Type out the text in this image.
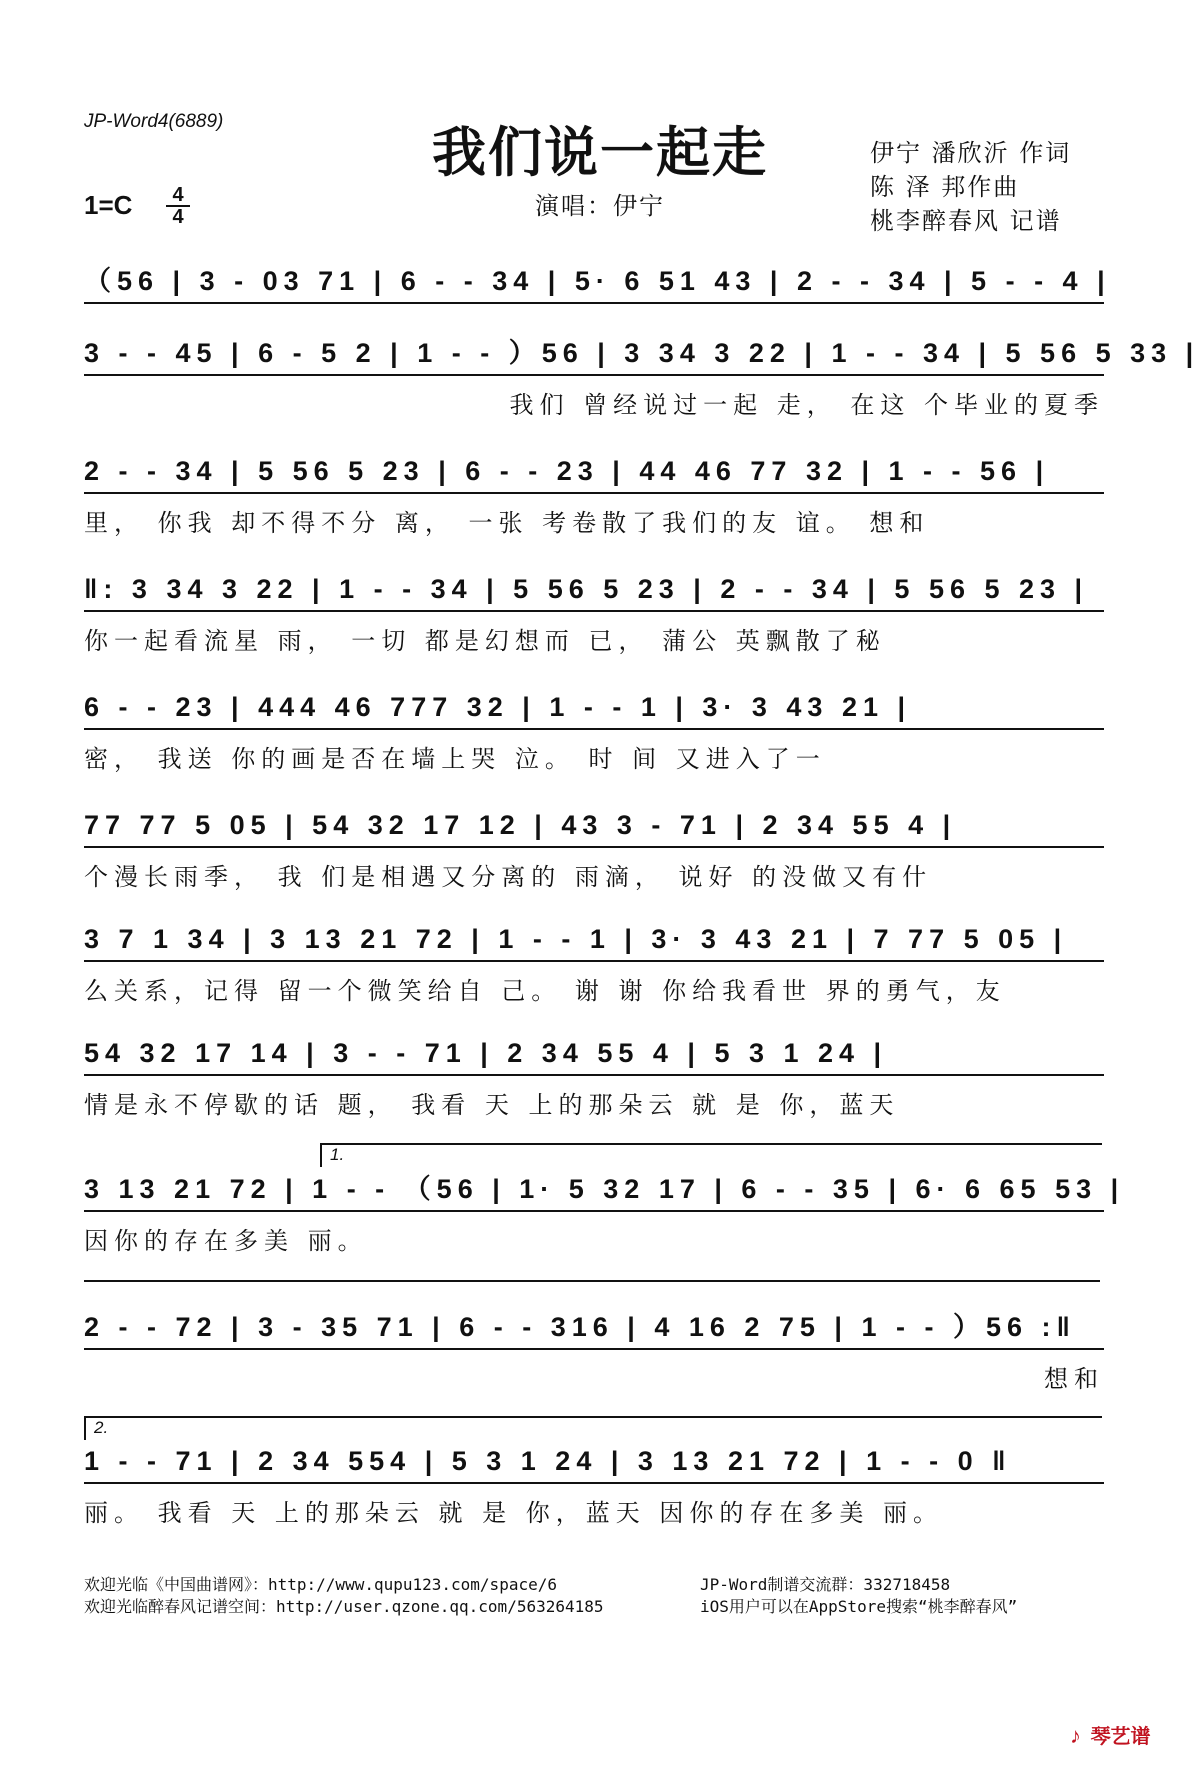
JP-Word4(6889)	我们说一起走
1=C	4
4	演唱：伊宁
伊宁 潘欣沂 作词
陈 泽 邦作曲
桃李醉春风 记谱
（56 | 3 - 03 71 | 6 - - 34 | 5· 6 51 43 | 2 - - 34 | 5 - - 4 |
3 - - 45 | 6 - 5 2 | 1 - - ）56 | 3 34 3 22 | 1 - - 34 | 5 56 5 33 |
我们 曾经说过一起 走， 在这 个毕业的夏季
2 - - 34 | 5 56 5 23 | 6 - - 23 | 44 46 77 32 | 1 - - 56 |
里， 你我 却不得不分 离， 一张 考卷散了我们的友 谊。 想和
‖: 3 34 3 22 | 1 - - 34 | 5 56 5 23 | 2 - - 34 | 5 56 5 23 |
你一起看流星 雨， 一切 都是幻想而 已， 蒲公 英飘散了秘
6 - - 23 | 444 46 777 32 | 1 - - 1 | 3· 3 43 21 |
密， 我送 你的画是否在墙上哭 泣。 时 间 又进入了一
77 77 5 05 | 54 32 17 12 | 43 3 - 71 | 2 34 55 4 |
个漫长雨季， 我 们是相遇又分离的 雨滴， 说好 的没做又有什
3 7 1 34 | 3 13 21 72 | 1 - - 1 | 3· 3 43 21 | 7 77 5 05 |
么关系，记得 留一个微笑给自 己。 谢 谢 你给我看世 界的勇气，友
54 32 17 14 | 3 - - 71 | 2 34 55 4 | 5 3 1 24 |
情是永不停歇的话 题， 我看 天 上的那朵云 就 是 你，蓝天
1.
3 13 21 72 | 1 - - （56 | 1· 5 32 17 | 6 - - 35 | 6· 6 65 53 |
因你的存在多美 丽。
2 - - 72 | 3 - 35 71 | 6 - - 316 | 4 16 2 75 | 1 - - ）56 :‖
想和
2.
1 - - 71 | 2 34 554 | 5 3 1 24 | 3 13 21 72 | 1 - - 0 ‖
丽。 我看 天 上的那朵云 就 是 你，蓝天 因你的存在多美 丽。
欢迎光临《中国曲谱网》：http://www.qupu123.com/space/6
欢迎光临醉春风记谱空间：http://user.qzone.qq.com/563264185
JP-Word制谱交流群：332718458
iOS用户可以在AppStore搜索“桃李醉春风”
♪ 琴艺谱
